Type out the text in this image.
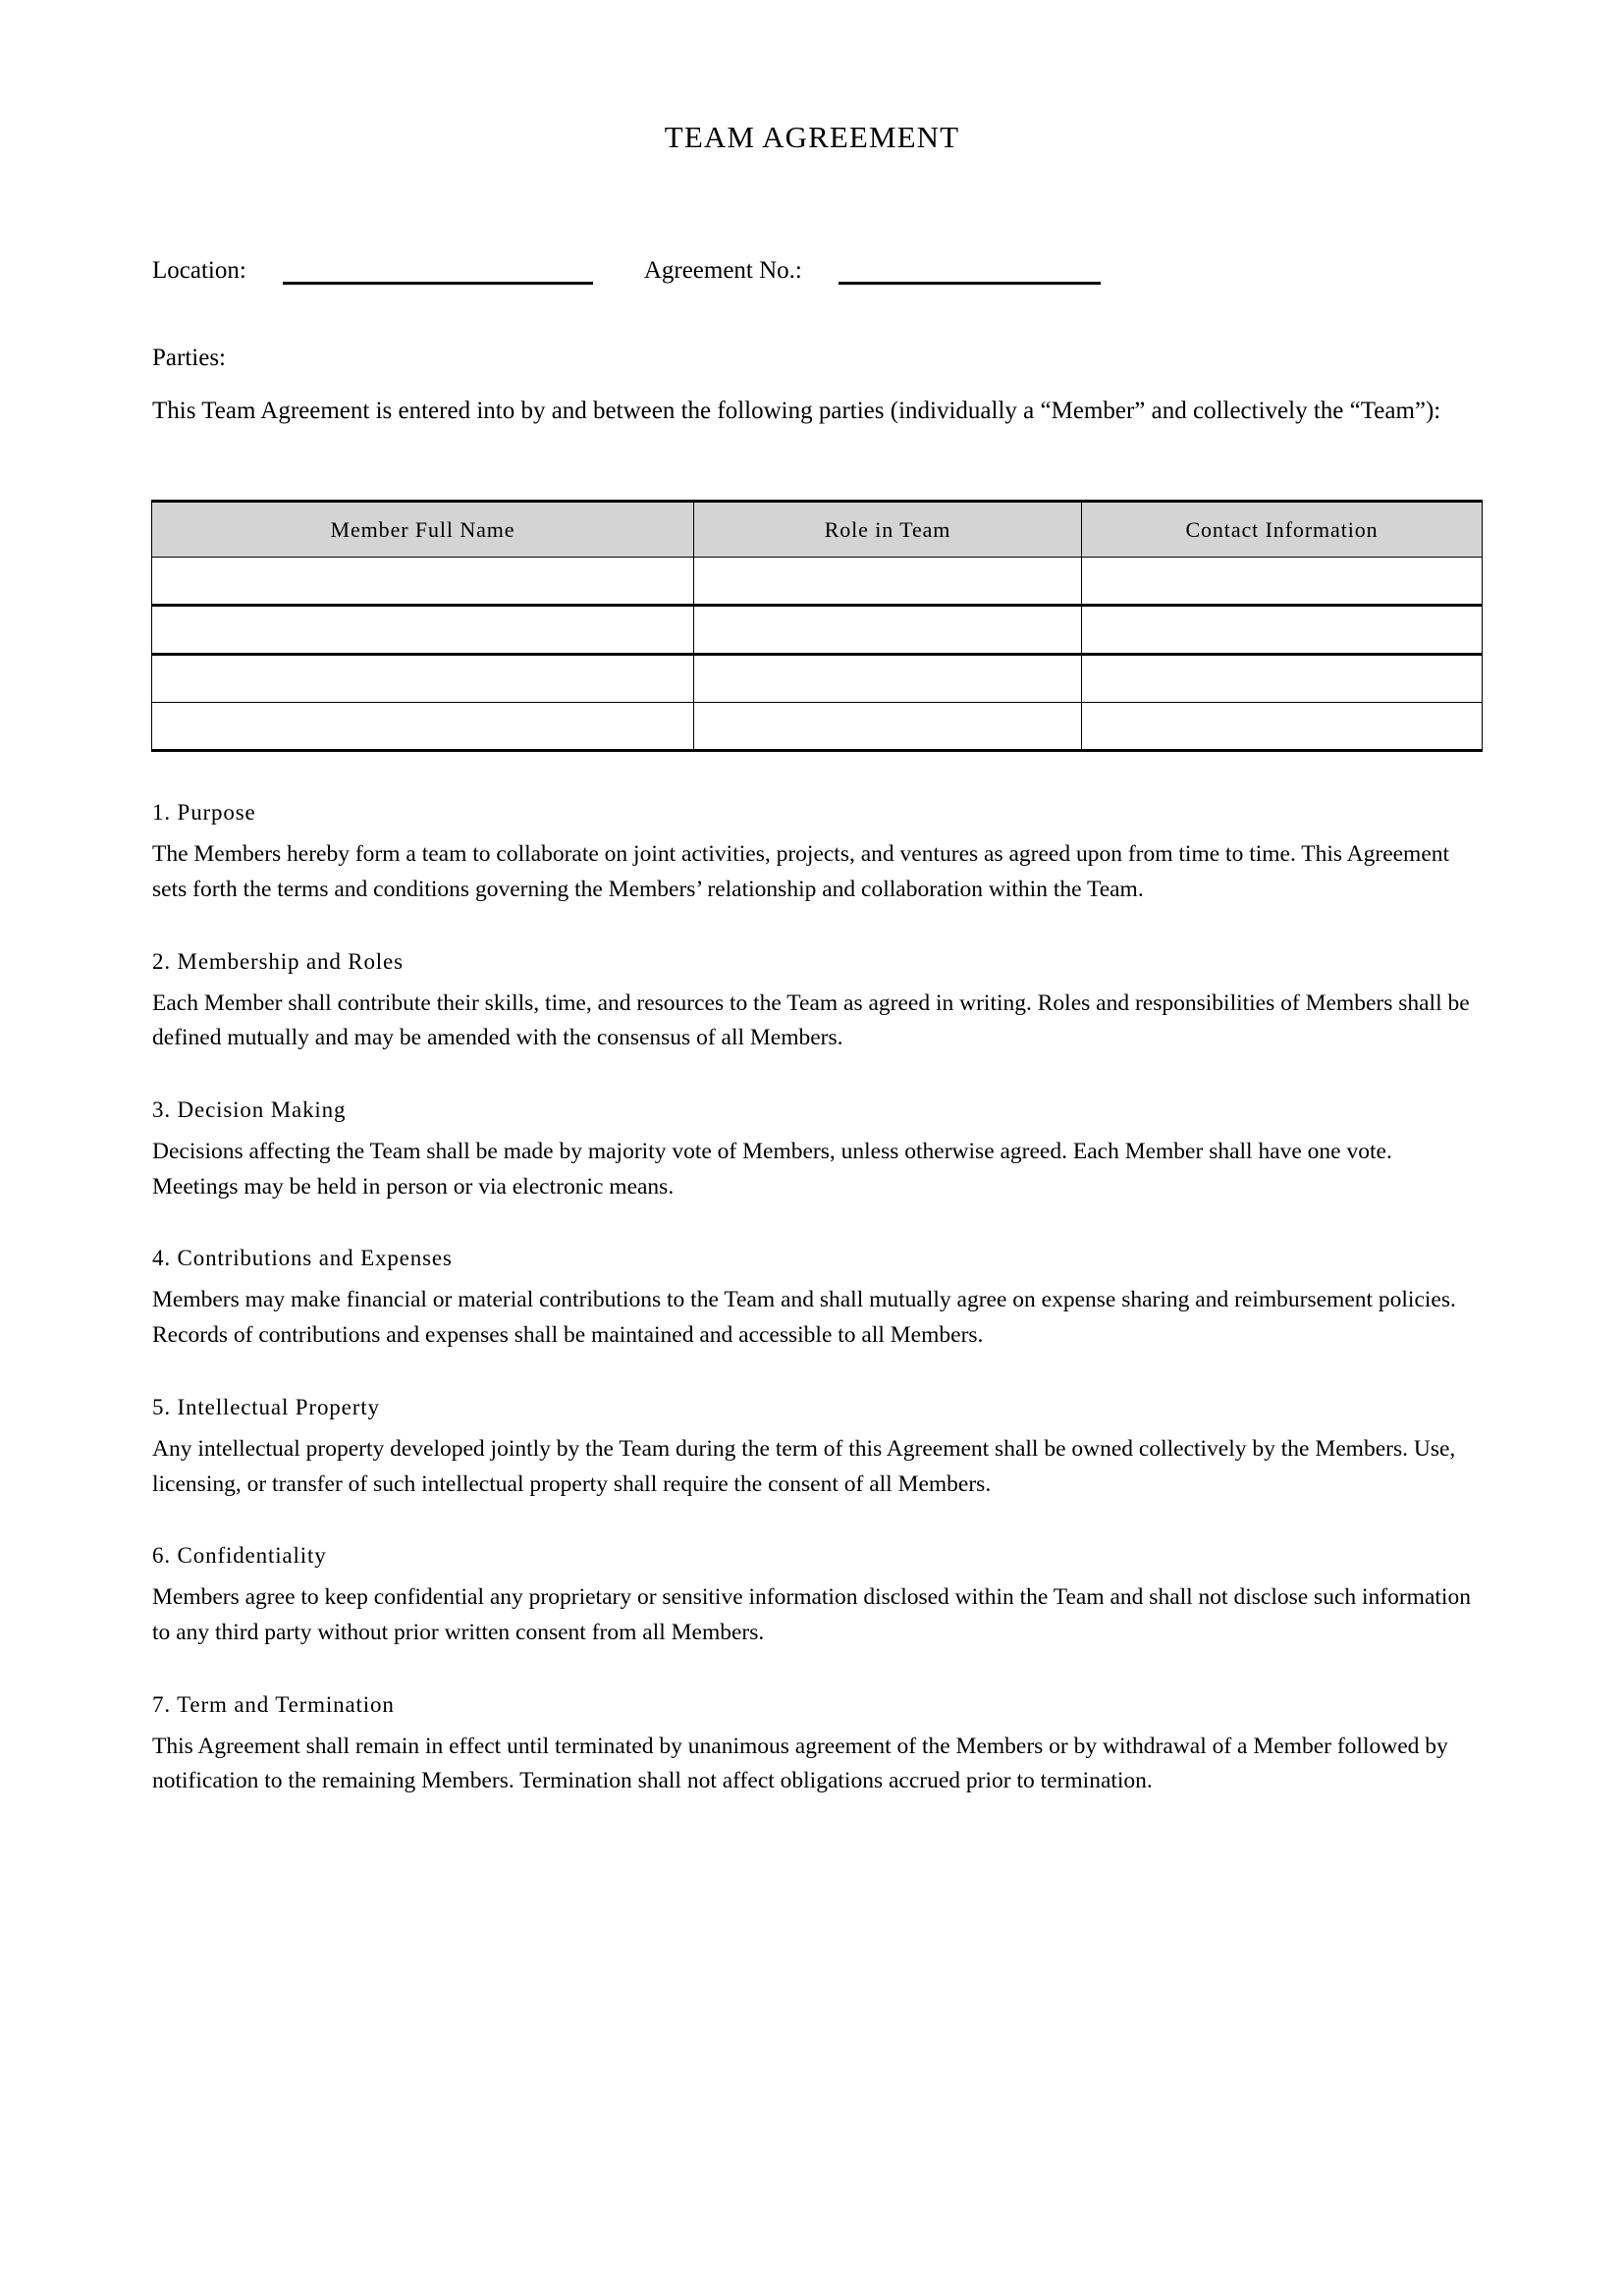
TEAM AGREEMENT
Location:	Agreement No.:
Parties:
This Team Agreement is entered into by and between the following parties (individually a “Member” and collectively the “Team”):
Member Full Name	Role in Team	Contact Information

1. Purpose

The Members hereby form a team to collaborate on joint activities, projects, and ventures as agreed upon from time to time. This Agreement sets forth the terms and conditions governing the Members’ relationship and collaboration within the Team.

2. Membership and Roles

Each Member shall contribute their skills, time, and resources to the Team as agreed in writing. Roles and responsibilities of Members shall be defined mutually and may be amended with the consensus of all Members.

3. Decision Making

Decisions affecting the Team shall be made by majority vote of Members, unless otherwise agreed. Each Member shall have one vote. Meetings may be held in person or via electronic means.

4. Contributions and Expenses

Members may make financial or material contributions to the Team and shall mutually agree on expense sharing and reimbursement policies. Records of contributions and expenses shall be maintained and accessible to all Members.

5. Intellectual Property

Any intellectual property developed jointly by the Team during the term of this Agreement shall be owned collectively by the Members. Use, licensing, or transfer of such intellectual property shall require the consent of all Members.

6. Confidentiality

Members agree to keep confidential any proprietary or sensitive information disclosed within the Team and shall not disclose such information to any third party without prior written consent from all Members.

7. Term and Termination

This Agreement shall remain in effect until terminated by unanimous agreement of the Members or by withdrawal of a Member followed by notification to the remaining Members. Termination shall not affect obligations accrued prior to termination.
